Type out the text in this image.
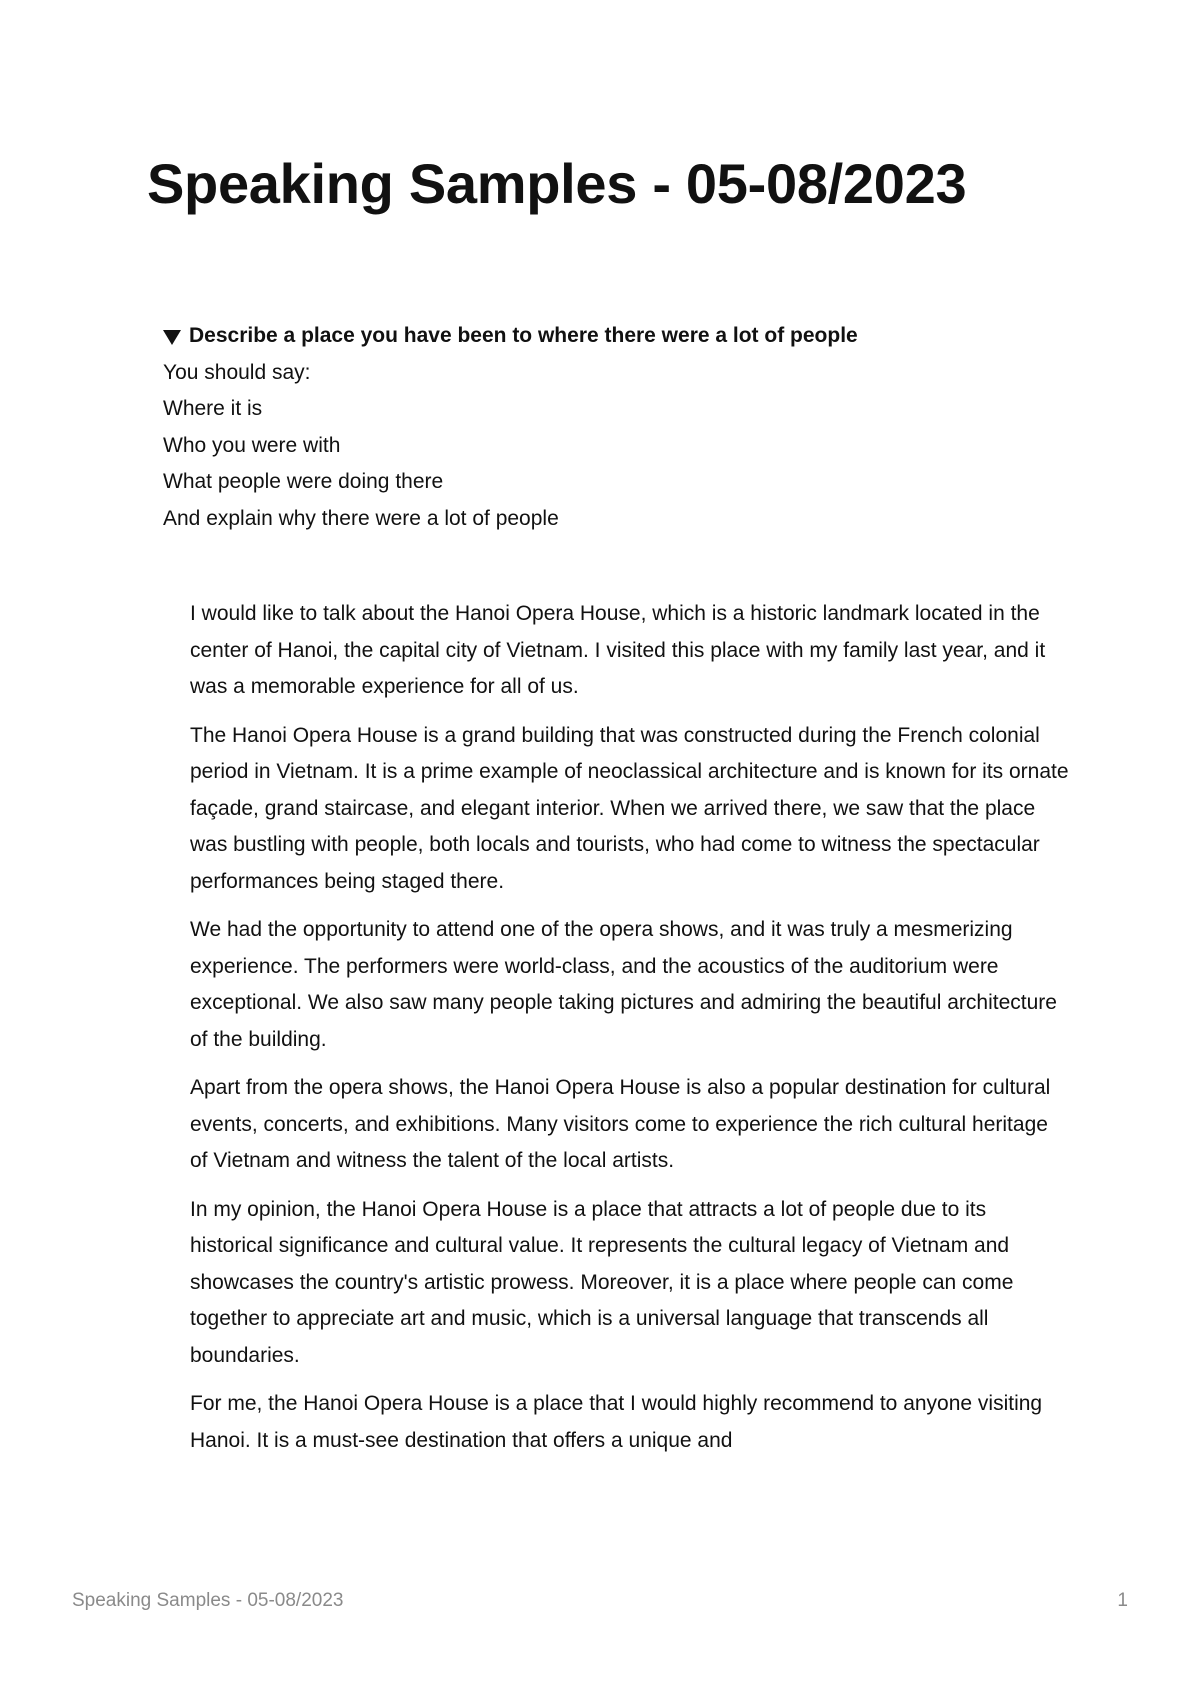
Speaking Samples - 05-08/2023
Describe a place you have been to where there were a lot of people
You should say:
Where it is
Who you were with
What people were doing there
And explain why there were a lot of people

I would like to talk about the Hanoi Opera House, which is a historic landmark located in the center of Hanoi, the capital city of Vietnam. I visited this place with my family last year, and it was a memorable experience for all of us.

The Hanoi Opera House is a grand building that was constructed during the French colonial period in Vietnam. It is a prime example of neoclassical architecture and is known for its ornate façade, grand staircase, and elegant interior. When we arrived there, we saw that the place was bustling with people, both locals and tourists, who had come to witness the spectacular performances being staged there.

We had the opportunity to attend one of the opera shows, and it was truly a mesmerizing experience. The performers were world-class, and the acoustics of the auditorium were exceptional. We also saw many people taking pictures and admiring the beautiful architecture of the building.

Apart from the opera shows, the Hanoi Opera House is also a popular destination for cultural events, concerts, and exhibitions. Many visitors come to experience the rich cultural heritage of Vietnam and witness the talent of the local artists.

In my opinion, the Hanoi Opera House is a place that attracts a lot of people due to its historical significance and cultural value. It represents the cultural legacy of Vietnam and showcases the country's artistic prowess. Moreover, it is a place where people can come together to appreciate art and music, which is a universal language that transcends all boundaries.

For me, the Hanoi Opera House is a place that I would highly recommend to anyone visiting Hanoi. It is a must-see destination that offers a unique and

Speaking Samples - 05-08/2023	1
